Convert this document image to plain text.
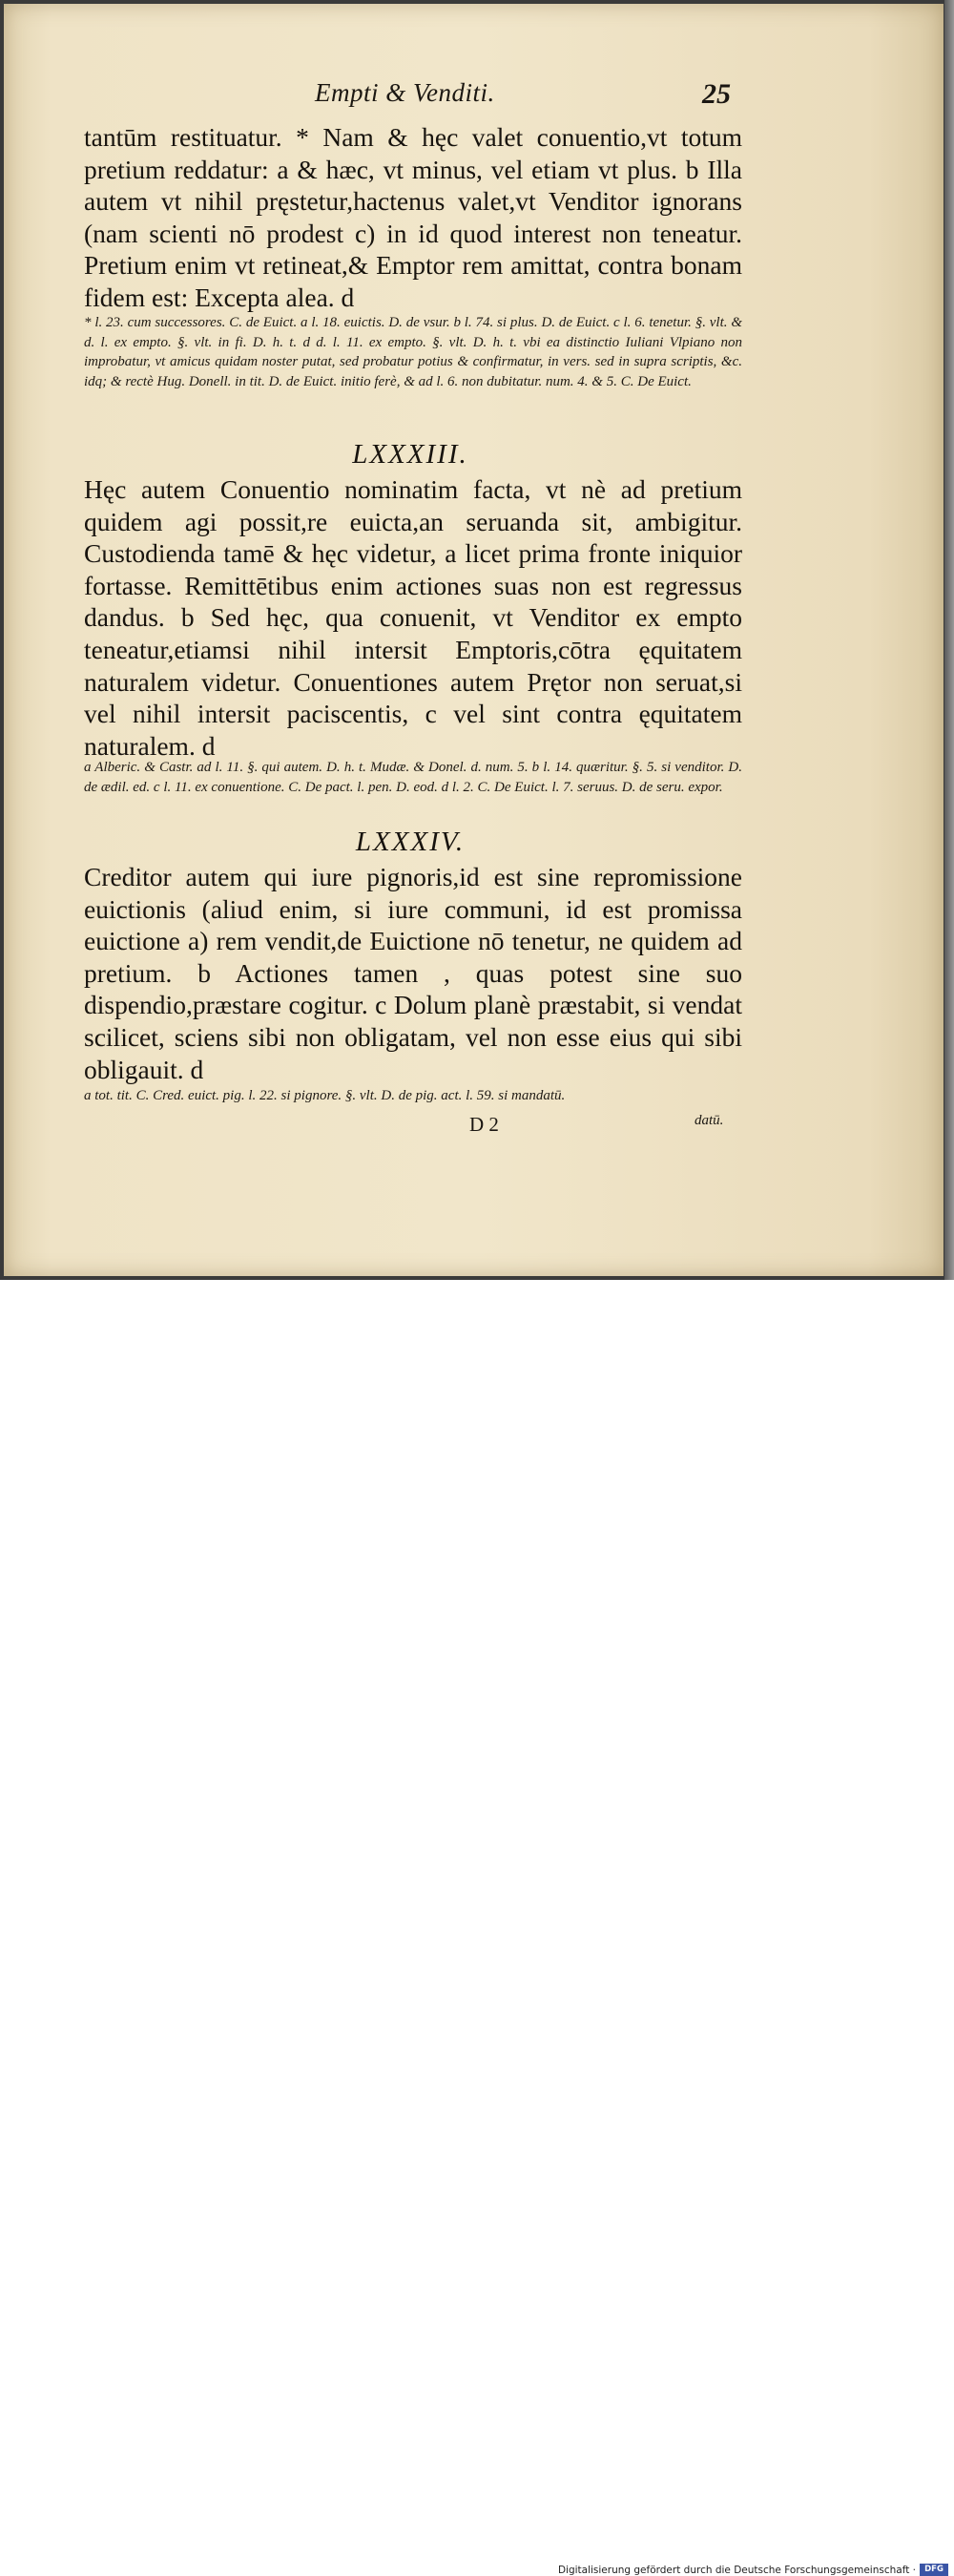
Empti & Venditi.	25

tantūm restituatur. * Nam & hęc valet conuentio,vt totum pretium reddatur: a & hæc, vt minus, vel etiam vt plus. b Illa autem vt nihil pręstetur,hactenus valet,vt Venditor ignorans (nam scienti nō prodest c) in id quod interest non teneatur. Pretium enim vt retineat,& Emptor rem amittat, contra bonam fidem est: Excepta alea. d

* l. 23. cum successores. C. de Euict. a l. 18. euictis. D. de vsur. b l. 74. si plus. D. de Euict. c l. 6. tenetur. §. vlt. & d. l. ex empto. §. vlt. in fi. D. h. t. d d. l. 11. ex empto. §. vlt. D. h. t. vbi ea distinctio Iuliani Vlpiano non improbatur, vt amicus quidam noster putat, sed probatur potius & confirmatur, in vers. sed in supra scriptis, &c. idq; & rectè Hug. Donell. in tit. D. de Euict. initio ferè, & ad l. 6. non dubitatur. num. 4. & 5. C. De Euict.

LXXXIII.

Hęc autem Conuentio nominatim facta, vt nè ad pretium quidem agi possit,re euicta,an seruanda sit, ambigitur. Custodienda tamē & hęc videtur, a licet prima fronte iniquior fortasse. Remittētibus enim actiones suas non est regressus dandus. b Sed hęc, qua conuenit, vt Venditor ex empto teneatur,etiamsi nihil intersit Emptoris,cōtra ęquitatem naturalem videtur. Conuentiones autem Prętor non seruat,si vel nihil intersit paciscentis, c vel sint contra ęquitatem naturalem. d

a Alberic. & Castr. ad l. 11. §. qui autem. D. h. t. Mudæ. & Donel. d. num. 5. b l. 14. quæritur. §. 5. si venditor. D. de ædil. ed. c l. 11. ex conuentione. C. De pact. l. pen. D. eod. d l. 2. C. De Euict. l. 7. seruus. D. de seru. expor.

LXXXIV.

Creditor autem qui iure pignoris,id est sine repromissione euictionis (aliud enim, si iure communi, id est promissa euictione a) rem vendit,de Euictione nō tenetur, ne quidem ad pretium. b Actiones tamen , quas potest sine suo dispendio,præstare cogitur. c Dolum planè præstabit, si vendat scilicet, sciens sibi non obligatam, vel non esse eius qui sibi obligauit. d

a tot. tit. C. Cred. euict. pig. l. 22. si pignore. §. vlt. D. de pig. act. l. 59. si mandatū.

D 2	datū.
Digitalisierung gefördert durch die Deutsche Forschungsgemeinschaft ·	DFG
